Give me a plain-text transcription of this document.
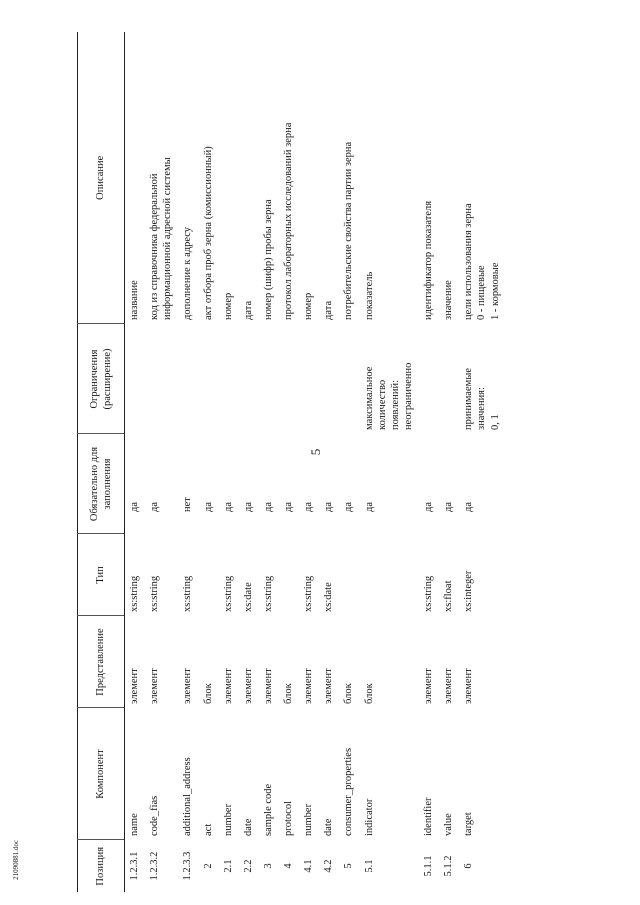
5
Позиция	Компонент	Представление	Тип	Обязательно для заполнения	Ограничения (расширение)	Описание
1.2.3.1	name	элемент	xs:string	да		название

1.2.3.2	code_fias	элемент	xs:string	да		код из справочника федеральной информационной адресной системы

1.2.3.3	additional_address	элемент	xs:string	нет		дополнение к адресу

2	act	блок		да		акт отбора проб зерна (комиссионный)

2.1	number	элемент	xs:string	да		номер

2.2	date	элемент	xs:date	да		дата

3	sample code	элемент	xs:string	да		номер (шифр) пробы зерна

4	protocol	блок		да		протокол лабораторных исследований зерна

4.1	number	элемент	xs:string	да		номер

4.2	date	элемент	xs:date	да		дата

5	consumer_properties	блок		да		потребительские свойства партии зерна

5.1	indicator	блок		да	максимальное количество появлений: неограниченно	показатель

5.1.1	identifier	элемент	xs:string	да		идентификатор показателя

5.1.2	value	элемент	xs:float	да		значение

6	target	элемент	xs:integer	да	принимаемые значения: 0, 1	цели использования зерна 0 - пищевые 1 - кормовые
21090881.doc
